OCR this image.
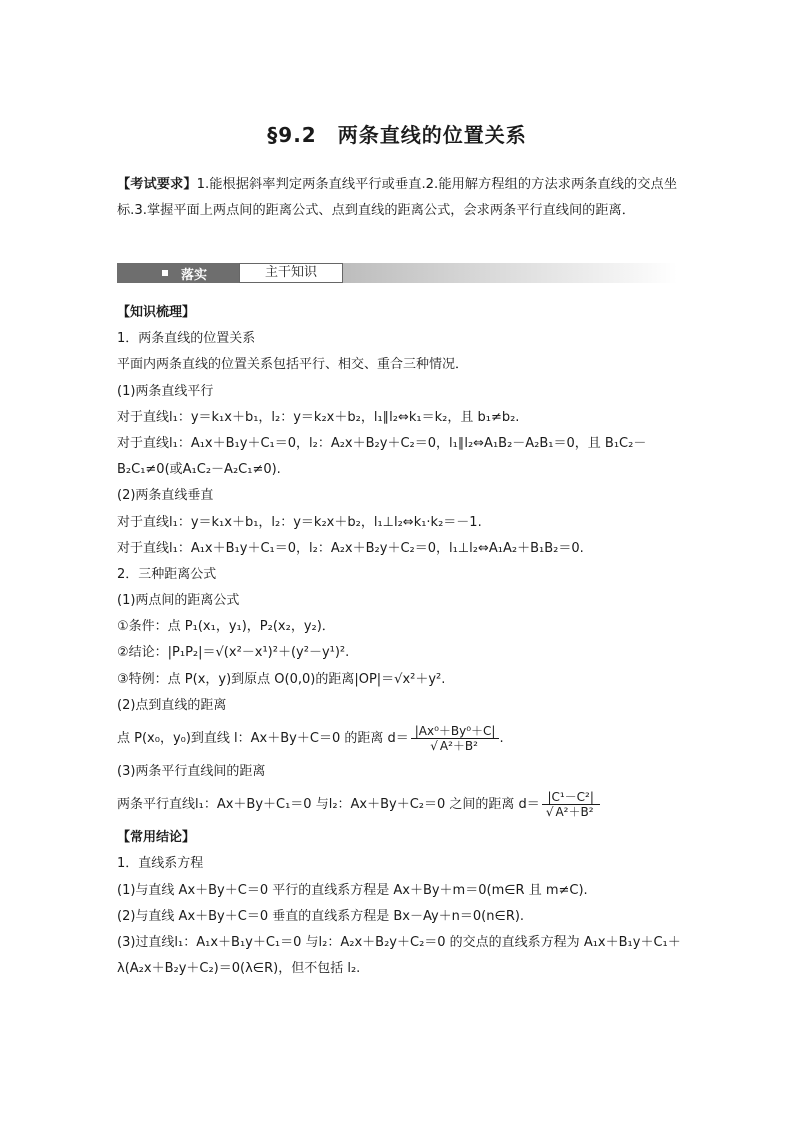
§9.2　两条直线的位置关系
【考试要求】1.能根据斜率判定两条直线平行或垂直.2.能用解方程组的方法求两条直线的交点坐标.3.掌握平面上两点间的距离公式、点到直线的距离公式，会求两条平行直线间的距离．
落实	主干知识
【知识梳理】
1．两条直线的位置关系
平面内两条直线的位置关系包括平行、相交、重合三种情况．
(1)两条直线平行
对于直线l₁：y＝k₁x＋b₁，l₂：y＝k₂x＋b₂，l₁∥l₂⇔k₁＝k₂，且 b₁≠b₂.
对于直线l₁：A₁x＋B₁y＋C₁＝0，l₂：A₂x＋B₂y＋C₂＝0，l₁∥l₂⇔A₁B₂－A₂B₁＝0，且 B₁C₂－
B₂C₁≠0(或A₁C₂－A₂C₁≠0).
(2)两条直线垂直
对于直线l₁：y＝k₁x＋b₁，l₂：y＝k₂x＋b₂，l₁⊥l₂⇔k₁·k₂＝－1.
对于直线l₁：A₁x＋B₁y＋C₁＝0，l₂：A₂x＋B₂y＋C₂＝0，l₁⊥l₂⇔A₁A₂＋B₁B₂＝0.
2．三种距离公式
(1)两点间的距离公式
①条件：点 P₁(x₁，y₁)，P₂(x₂，y₂)．
②结论：|P₁P₂|＝√(x²－x¹)²＋(y²－y¹)².
③特例：点 P(x，y)到原点 O(0,0)的距离|OP|＝√x²＋y².
(2)点到直线的距离
点 P(x₀，y₀)到直线 l：Ax＋By＋C＝0 的距离 $d= \frac{\text{|Ax⁰＋By⁰＋C|}}{\text{√ A²＋B²}}$ .
(3)两条平行直线间的距离
两条平行直线l₁：Ax＋By＋C₁＝0 与l₂：Ax＋By＋C₂＝0 之间的距离 $d= \frac{\text{|C¹－C²|}}{\text{√ A²＋B²}}$
【常用结论】
1．直线系方程
(1)与直线 Ax＋By＋C＝0 平行的直线系方程是 Ax＋By＋m＝0(m∈R 且 m≠C).
(2)与直线 Ax＋By＋C＝0 垂直的直线系方程是 Bx－Ay＋n＝0(n∈R).
(3)过直线l₁：A₁x＋B₁y＋C₁＝0 与l₂：A₂x＋B₂y＋C₂＝0 的交点的直线系方程为 A₁x＋B₁y＋C₁＋
λ(A₂x＋B₂y＋C₂)＝0(λ∈R)，但不包括 l₂.
